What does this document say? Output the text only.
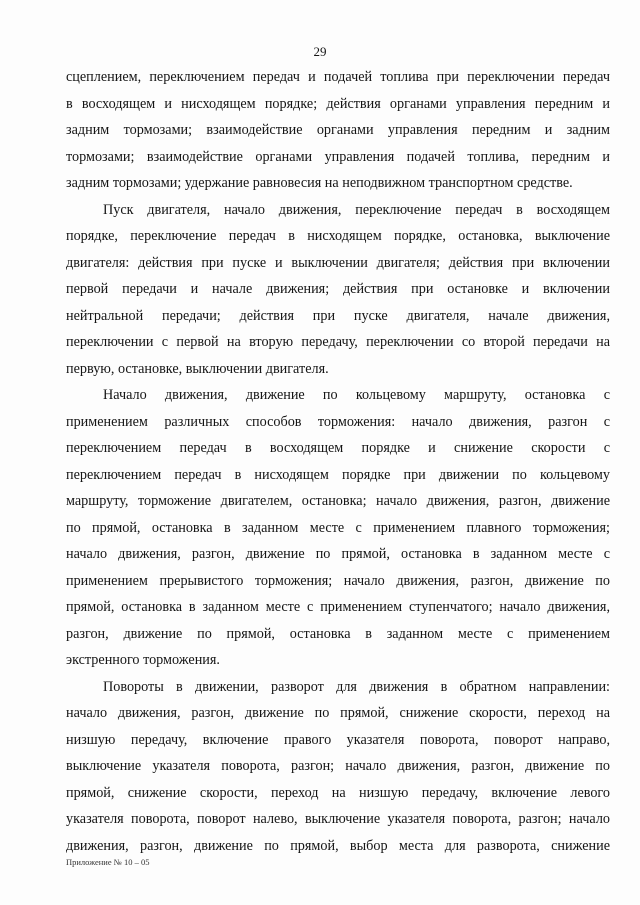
29
сцеплением, переключением передач и подачей топлива при переключении передач
в восходящем и нисходящем порядке; действия органами управления передним и
задним тормозами; взаимодействие органами управления передним и задним
тормозами; взаимодействие органами управления подачей топлива, передним и
задним тормозами; удержание равновесия на неподвижном транспортном средстве.
Пуск двигателя, начало движения, переключение передач в восходящем
порядке, переключение передач в нисходящем порядке, остановка, выключение
двигателя: действия при пуске и выключении двигателя; действия при включении
первой передачи и начале движения; действия при остановке и включении
нейтральной передачи; действия при пуске двигателя, начале движения,
переключении с первой на вторую передачу, переключении со второй передачи на
первую, остановке, выключении двигателя.
Начало движения, движение по кольцевому маршруту, остановка с
применением различных способов торможения: начало движения, разгон с
переключением передач в восходящем порядке и снижение скорости с
переключением передач в нисходящем порядке при движении по кольцевому
маршруту, торможение двигателем, остановка; начало движения, разгон, движение
по прямой, остановка в заданном месте с применением плавного торможения;
начало движения, разгон, движение по прямой, остановка в заданном месте с
применением прерывистого торможения; начало движения, разгон, движение по
прямой, остановка в заданном месте с применением ступенчатого; начало движения,
разгон, движение по прямой, остановка в заданном месте с применением
экстренного торможения.
Повороты в движении, разворот для движения в обратном направлении:
начало движения, разгон, движение по прямой, снижение скорости, переход на
низшую передачу, включение правого указателя поворота, поворот направо,
выключение указателя поворота, разгон; начало движения, разгон, движение по
прямой, снижение скорости, переход на низшую передачу, включение левого
указателя поворота, поворот налево, выключение указателя поворота, разгон; начало
движения, разгон, движение по прямой, выбор места для разворота, снижение
Приложение № 10 – 05
